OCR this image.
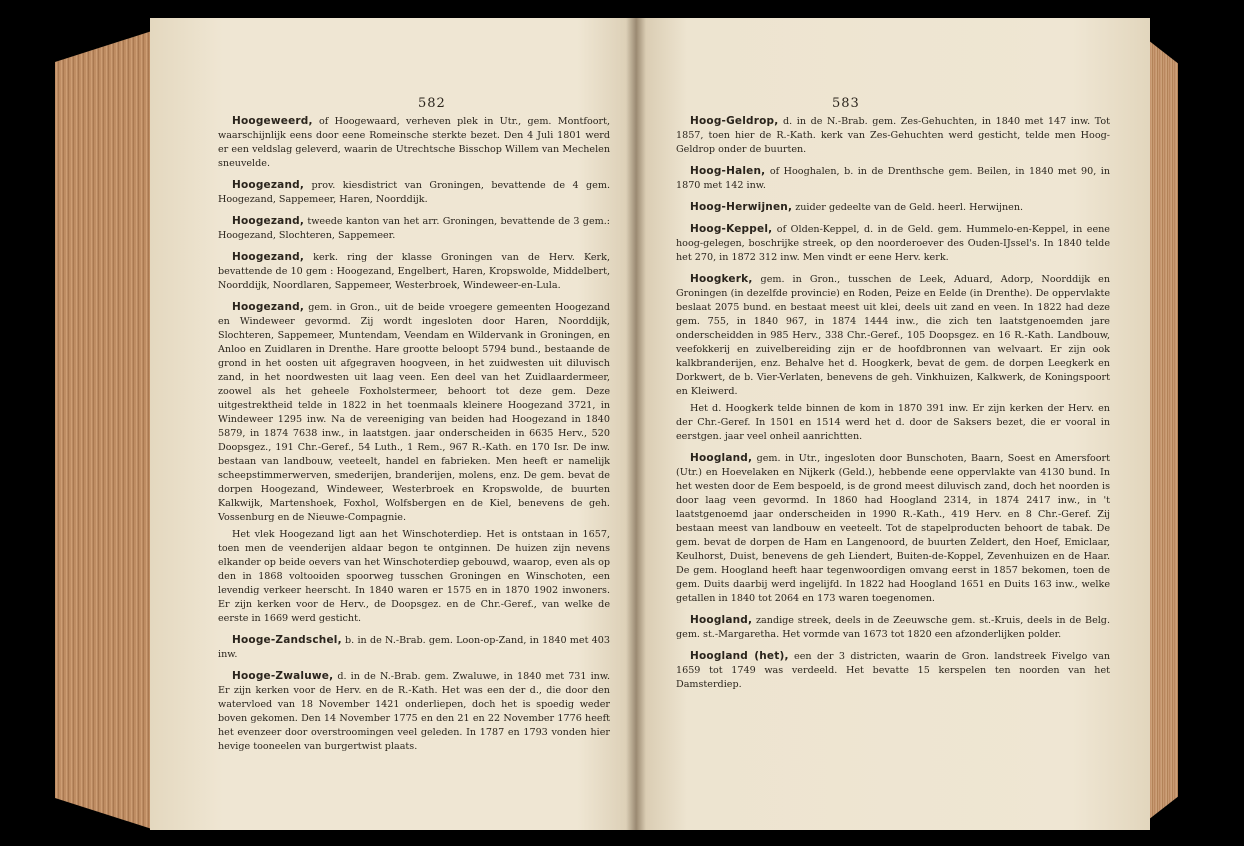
582

Hoogeweerd, of Hoogewaard, verheven plek in Utr., gem. Montfoort, waarschijnlijk eens door eene Romeinsche sterkte bezet. Den 4 Juli 1801 werd er een veldslag geleverd, waarin de Utrechtsche Bisschop Willem van Mechelen sneuvelde.

Hoogezand, prov. kiesdistrict van Groningen, bevattende de 4 gem. Hoogezand, Sappemeer, Haren, Noorddijk.

Hoogezand, tweede kanton van het arr. Groningen, bevattende de 3 gem.: Hoogezand, Slochteren, Sappemeer.

Hoogezand, kerk. ring der klasse Groningen van de Herv. Kerk, bevattende de 10 gem : Hoogezand, Engelbert, Haren, Kropswolde, Middelbert, Noorddijk, Noordlaren, Sappemeer, Westerbroek, Windeweer-en-Lula.

Hoogezand, gem. in Gron., uit de beide vroegere gemeenten Hoogezand en Windeweer gevormd. Zij wordt ingesloten door Haren, Noorddijk, Slochteren, Sappemeer, Muntendam, Veendam en Wildervank in Groningen, en Anloo en Zuidlaren in Drenthe. Hare grootte beloopt 5794 bund., bestaande de grond in het oosten uit afgegraven hoogveen, in het zuidwesten uit diluvisch zand, in het noordwesten uit laag veen. Een deel van het Zuidlaardermeer, zoowel als het geheele Foxholstermeer, behoort tot deze gem. Deze uitgestrektheid telde in 1822 in het toenmaals kleinere Hoogezand 3721, in Windeweer 1295 inw. Na de vereeniging van beiden had Hoogezand in 1840 5879, in 1874 7638 inw., in laatstgen. jaar onderscheiden in 6635 Herv., 520 Doopsgez., 191 Chr.-Geref., 54 Luth., 1 Rem., 967 R.-Kath. en 170 Isr. De inw. bestaan van landbouw, veeteelt, handel en fabrieken. Men heeft er namelijk scheepstimmerwerven, smederijen, branderijen, molens, enz. De gem. bevat de dorpen Hoogezand, Windeweer, Westerbroek en Kropswolde, de buurten Kalkwijk, Martenshoek, Foxhol, Wolfsbergen en de Kiel, benevens de geh. Vossenburg en de Nieuwe-Compagnie.

Het vlek Hoogezand ligt aan het Winschoterdiep. Het is ontstaan in 1657, toen men de veenderijen aldaar begon te ontginnen. De huizen zijn nevens elkander op beide oevers van het Winschoterdiep gebouwd, waarop, even als op den in 1868 voltooiden spoorweg tusschen Groningen en Winschoten, een levendig verkeer heerscht. In 1840 waren er 1575 en in 1870 1902 inwoners. Er zijn kerken voor de Herv., de Doopsgez. en de Chr.-Geref., van welke de eerste in 1669 werd gesticht.

Hooge-Zandschel, b. in de N.-Brab. gem. Loon-op-Zand, in 1840 met 403 inw.

Hooge-Zwaluwe, d. in de N.-Brab. gem. Zwaluwe, in 1840 met 731 inw. Er zijn kerken voor de Herv. en de R.-Kath. Het was een der d., die door den watervloed van 18 November 1421 onderliepen, doch het is spoedig weder boven gekomen. Den 14 November 1775 en den 21 en 22 November 1776 heeft het evenzeer door overstroomingen veel geleden. In 1787 en 1793 vonden hier hevige tooneelen van burgertwist plaats.

583

Hoog-Geldrop, d. in de N.-Brab. gem. Zes-Gehuchten, in 1840 met 147 inw. Tot 1857, toen hier de R.-Kath. kerk van Zes-Gehuchten werd gesticht, telde men Hoog-Geldrop onder de buurten.

Hoog-Halen, of Hooghalen, b. in de Drenthsche gem. Beilen, in 1840 met 90, in 1870 met 142 inw.

Hoog-Herwijnen, zuider gedeelte van de Geld. heerl. Herwijnen.

Hoog-Keppel, of Olden-Keppel, d. in de Geld. gem. Hummelo-en-Keppel, in eene hoog-gelegen, boschrijke streek, op den noorderoever des Ouden-IJssel's. In 1840 telde het 270, in 1872 312 inw. Men vindt er eene Herv. kerk.

Hoogkerk, gem. in Gron., tusschen de Leek, Aduard, Adorp, Noorddijk en Groningen (in dezelfde provincie) en Roden, Peize en Eelde (in Drenthe). De oppervlakte beslaat 2075 bund. en bestaat meest uit klei, deels uit zand en veen. In 1822 had deze gem. 755, in 1840 967, in 1874 1444 inw., die zich ten laatstgenoemden jare onderscheidden in 985 Herv., 338 Chr.-Geref., 105 Doopsgez. en 16 R.-Kath. Landbouw, veefokkerij en zuivelbereiding zijn er de hoofdbronnen van welvaart. Er zijn ook kalkbranderijen, enz. Behalve het d. Hoogkerk, bevat de gem. de dorpen Leegkerk en Dorkwert, de b. Vier-Verlaten, benevens de geh. Vinkhuizen, Kalkwerk, de Koningspoort en Kleiwerd.

Het d. Hoogkerk telde binnen de kom in 1870 391 inw. Er zijn kerken der Herv. en der Chr.-Geref. In 1501 en 1514 werd het d. door de Saksers bezet, die er vooral in eerstgen. jaar veel onheil aanrichtten.

Hoogland, gem. in Utr., ingesloten door Bunschoten, Baarn, Soest en Amersfoort (Utr.) en Hoevelaken en Nijkerk (Geld.), hebbende eene oppervlakte van 4130 bund. In het westen door de Eem bespoeld, is de grond meest diluvisch zand, doch het noorden is door laag veen gevormd. In 1860 had Hoogland 2314, in 1874 2417 inw., in 't laatstgenoemd jaar onderscheiden in 1990 R.-Kath., 419 Herv. en 8 Chr.-Geref. Zij bestaan meest van landbouw en veeteelt. Tot de stapelproducten behoort de tabak. De gem. bevat de dorpen de Ham en Langenoord, de buurten Zeldert, den Hoef, Emiclaar, Keulhorst, Duist, benevens de geh Liendert, Buiten-de-Koppel, Zevenhuizen en de Haar. De gem. Hoogland heeft haar tegenwoordigen omvang eerst in 1857 bekomen, toen de gem. Duits daarbij werd ingelijfd. In 1822 had Hoogland 1651 en Duits 163 inw., welke getallen in 1840 tot 2064 en 173 waren toegenomen.

Hoogland, zandige streek, deels in de Zeeuwsche gem. st.-Kruis, deels in de Belg. gem. st.-Margaretha. Het vormde van 1673 tot 1820 een afzonderlijken polder.

Hoogland (het), een der 3 districten, waarin de Gron. landstreek Fivelgo van 1659 tot 1749 was verdeeld. Het bevatte 15 kerspelen ten noorden van het Damsterdiep.
